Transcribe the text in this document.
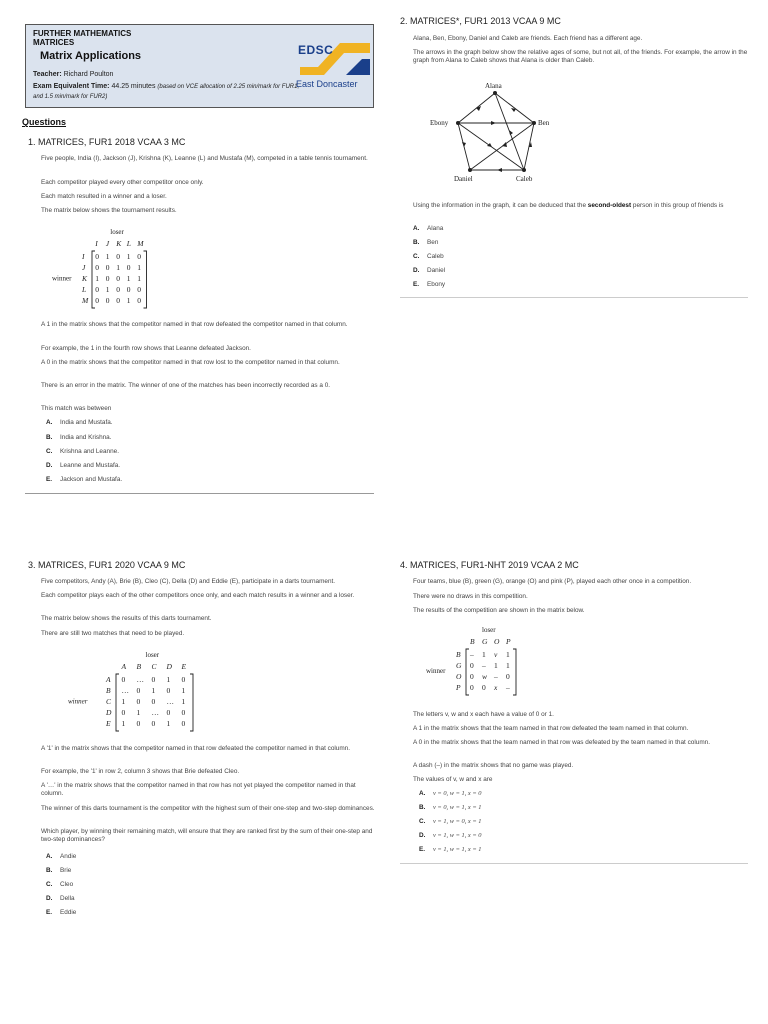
FURTHER MATHEMATICS
MATRICES
Matrix Applications
Teacher: Richard Poulton
Exam Equivalent Time: 44.25 minutes (based on VCE allocation of 2.25 min/mark for FUR1, and 1.5 min/mark for FUR2)
EDSC
East Doncaster
Questions
1. MATRICES, FUR1 2018 VCAA 3 MC
Five people, India (I), Jackson (J), Krishna (K), Leanne (L) and Mustafa (M), competed in a table tennis tournament.
Each competitor played every other competitor once only.
Each match resulted in a winner and a loser.
The matrix below shows the tournament results.
loser
I J K L M
winner
I
J
K
L
M
0 1 0 1 0
0 0 1 0 1
1 0 0 1 1
0 1 0 0 0
0 0 0 1 0
A 1 in the matrix shows that the competitor named in that row defeated the competitor named in that column.
For example, the 1 in the fourth row shows that Leanne defeated Jackson.
A 0 in the matrix shows that the competitor named in that row lost to the competitor named in that column.
There is an error in the matrix. The winner of one of the matches has been incorrectly recorded as a 0.
This match was between
A. India and Mustafa.
B. India and Krishna.
C. Krishna and Leanne.
D. Leanne and Mustafa.
E. Jackson and Mustafa.
2. MATRICES*, FUR1 2013 VCAA 9 MC
Alana, Ben, Ebony, Daniel and Caleb are friends. Each friend has a different age.
The arrows in the graph below show the relative ages of some, but not all, of the friends. For example, the arrow in the graph from Alana to Caleb shows that Alana is older than Caleb.
Alana
Ben
Ebony
Daniel	Caleb
Using the information in the graph, it can be deduced that the second-oldest person in this group of friends is
A. Alana
B. Ben
C. Caleb
D. Daniel
E. Ebony
3. MATRICES, FUR1 2020 VCAA 9 MC
Five competitors, Andy (A), Brie (B), Cleo (C), Della (D) and Eddie (E), participate in a darts tournament.
Each competitor plays each of the other competitors once only, and each match results in a winner and a loser.
The matrix below shows the results of this darts tournament.
There are still two matches that need to be played.
loser
A B C D E
winner
A
B
C
D
E
0 … 0 1 0
… 0 1 0 1
1 0 0 … 1
0 1 … 0 0
1 0 0 1 0
A '1' in the matrix shows that the competitor named in that row defeated the competitor named in that column.
For example, the '1' in row 2, column 3 shows that Brie defeated Cleo.
A '…' in the matrix shows that the competitor named in that row has not yet played the competitor named in that column.
The winner of this darts tournament is the competitor with the highest sum of their one-step and two-step dominances.
Which player, by winning their remaining match, will ensure that they are ranked first by the sum of their one-step and two-step dominances?
A. Andie
B. Brie
C. Cleo
D. Della
E. Eddie
4. MATRICES, FUR1-NHT 2019 VCAA 2 MC
Four teams, blue (B), green (G), orange (O) and pink (P), played each other once in a competition.
There were no draws in this competition.
The results of the competition are shown in the matrix below.
loser
B G O P
winner
B
G
O
P
– 1 v 1
0 – 1 1
0 w – 0
0 0 x –
The letters v, w and x each have a value of 0 or 1.
A 1 in the matrix shows that the team named in that row defeated the team named in that column.
A 0 in the matrix shows that the team named in that row was defeated by the team named in that column.
A dash (–) in the matrix shows that no game was played.
The values of v, w and x are
A. v = 0, w = 1, x = 0
B. v = 0, w = 1, x = 1
C. v = 1, w = 0, x = 1
D. v = 1, w = 1, x = 0
E. v = 1, w = 1, x = 1
